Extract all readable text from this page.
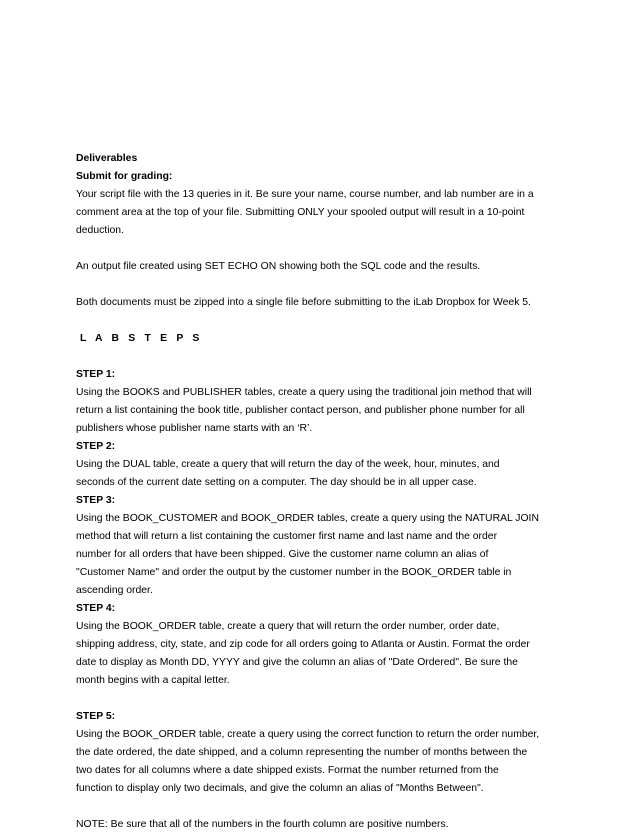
Deliverables
Submit for grading:
Your script file with the 13 queries in it. Be sure your name, course number, and lab number are in a
comment area at the top of your file. Submitting ONLY your spooled output will result in a 10-point
deduction.
An output file created using SET ECHO ON showing both the SQL code and the results.
Both documents must be zipped into a single file before submitting to the iLab Dropbox for Week 5.
L A B S T E P S
STEP 1:
Using the BOOKS and PUBLISHER tables, create a query using the traditional join method that will
return a list containing the book title, publisher contact person, and publisher phone number for all
publishers whose publisher name starts with an ‘R’.
STEP 2:
Using the DUAL table, create a query that will return the day of the week, hour, minutes, and
seconds of the current date setting on a computer. The day should be in all upper case.
STEP 3:
Using the BOOK_CUSTOMER and BOOK_ORDER tables, create a query using the NATURAL JOIN
method that will return a list containing the customer first name and last name and the order
number for all orders that have been shipped. Give the customer name column an alias of
"Customer Name" and order the output by the customer number in the BOOK_ORDER table in
ascending order.
STEP 4:
Using the BOOK_ORDER table, create a query that will return the order number, order date,
shipping address, city, state, and zip code for all orders going to Atlanta or Austin. Format the order
date to display as Month DD, YYYY and give the column an alias of "Date Ordered". Be sure the
month begins with a capital letter.
STEP 5:
Using the BOOK_ORDER table, create a query using the correct function to return the order number,
the date ordered, the date shipped, and a column representing the number of months between the
two dates for all columns where a date shipped exists. Format the number returned from the
function to display only two decimals, and give the column an alias of "Months Between".
NOTE: Be sure that all of the numbers in the fourth column are positive numbers.
